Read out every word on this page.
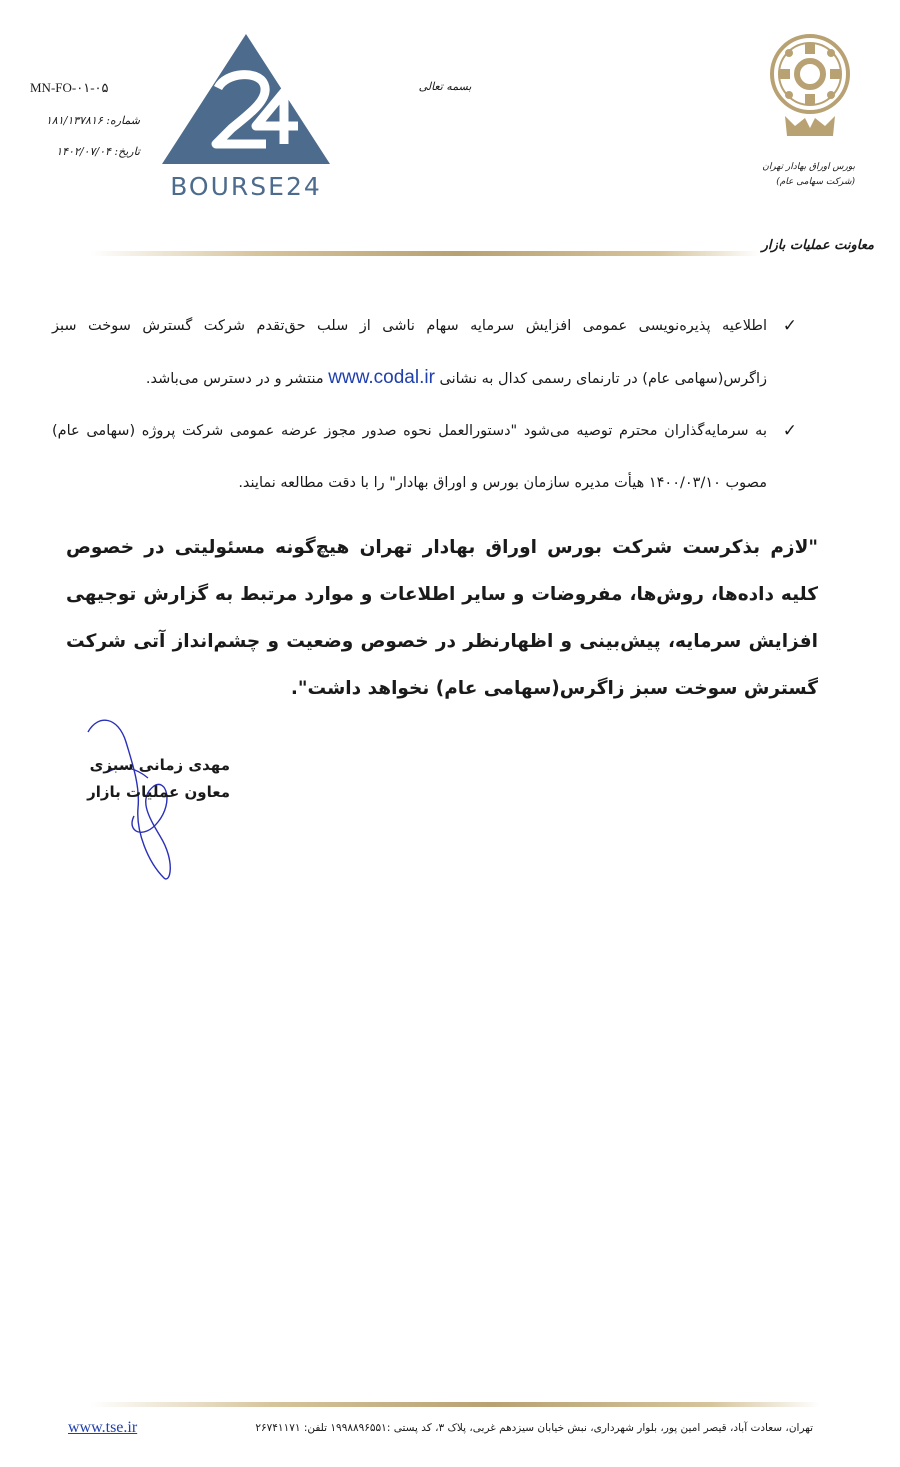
MN-FO-۰۱-۰۵
شماره: ۱۸۱/۱۳۷۸۱۶
تاریخ: ۱۴۰۲/۰۷/۰۴
BOURSE24
بسمه تعالی
بورس اوراق بهادار تهران
(شرکت سهامی عام)
معاونت عملیات بازار
✓
اطلاعیه پذیره‌نویسی عمومی افزایش سرمایه سهام ناشی از سلب حق‌تقدم شرکت گسترش سوخت سبز زاگرس(سهامی عام) در تارنمای رسمی کدال به نشانی www.codal.ir منتشر و در دسترس می‌باشد.
✓
به سرمایه‌گذاران محترم توصیه می‌شود "دستورالعمل نحوه صدور مجوز عرضه عمومی شرکت پروژه (سهامی عام) مصوب ۱۴۰۰/۰۳/۱۰ هیأت مدیره سازمان بورس و اوراق بهادار" را با دقت مطالعه نمایند.
"لازم بذکرست شرکت بورس اوراق بهادار تهران هیچ‌گونه مسئولیتی در خصوص کلیه داده‌ها، روش‌ها، مفروضات و سایر اطلاعات و موارد مرتبط به گزارش توجیهی افزایش سرمایه، پیش‌بینی و اظهارنظر در خصوص وضعیت و چشم‌انداز آتی شرکت گسترش سوخت سبز زاگرس(سهامی عام) نخواهد داشت".
مهدی زمانی سبزی
معاون عملیات بازار
تهران، سعادت آباد، قیصر امین پور، بلوار شهرداری، نبش خیابان سیزدهم غربی، پلاک ۳، کد پستی :۱۹۹۸۸۹۶۵۵۱ تلفن: ۲۶۷۴۱۱۷۱
www.tse.ir
